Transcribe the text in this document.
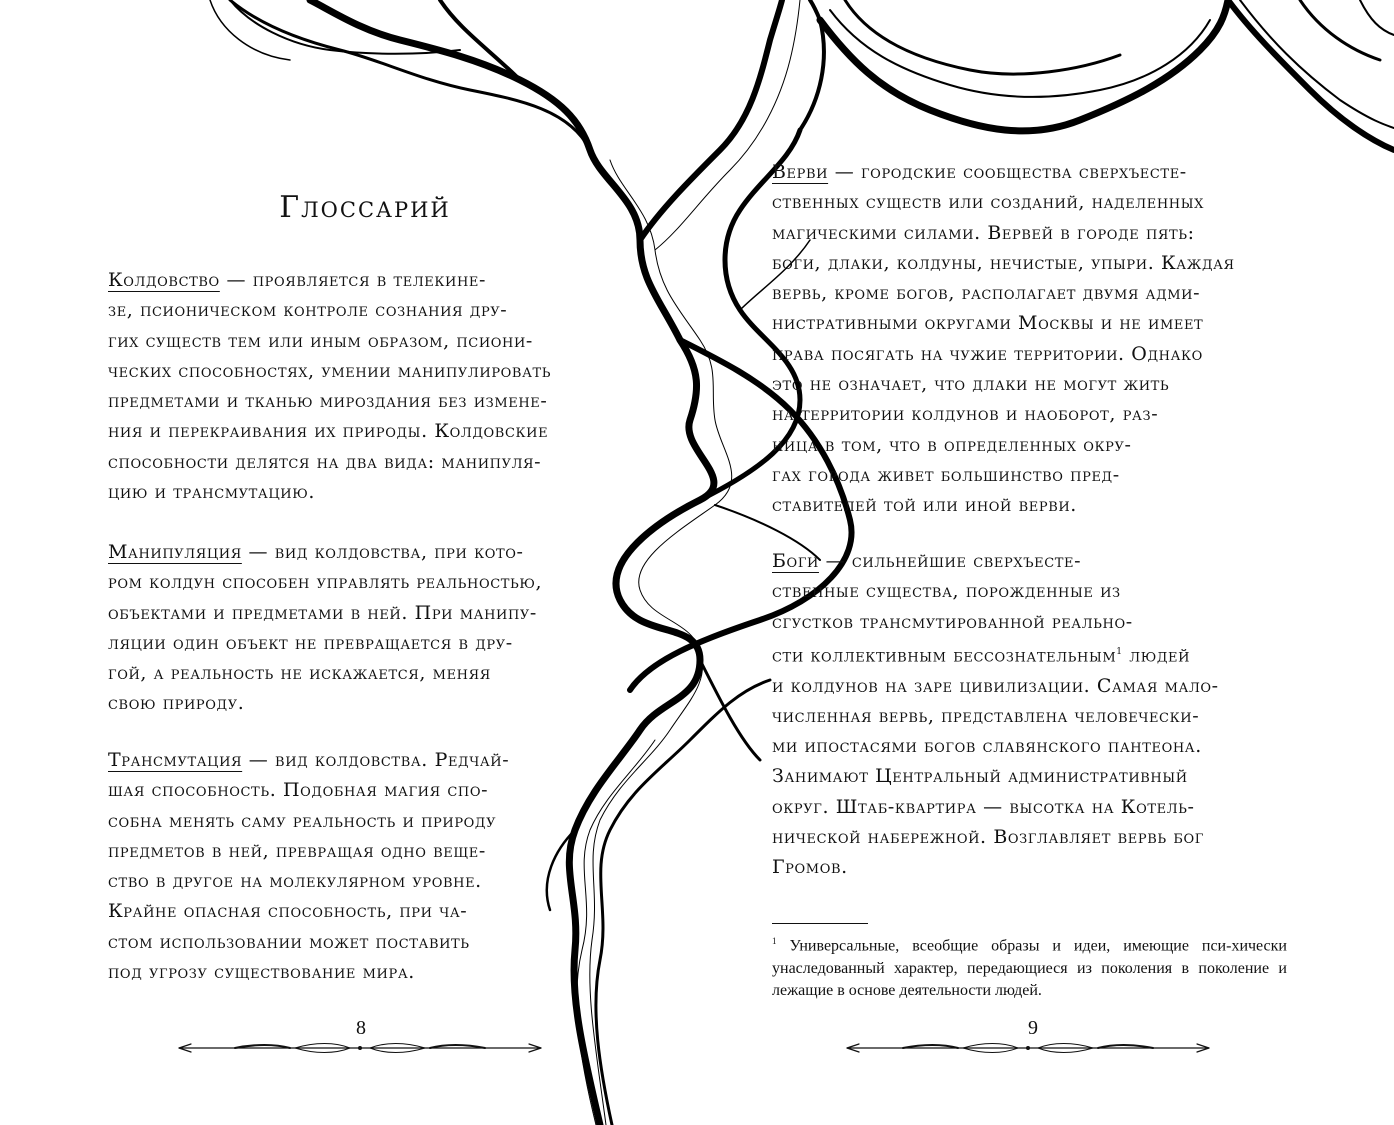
Глоссарий
Колдовство — проявляется в телекине-
зе, псионическом контроле сознания дру-
гих существ тем или иным образом, псиони-
ческих способностях, умении манипулировать
предметами и тканью мироздания без измене-
ния и перекраивания их природы. Колдовские
способности делятся на два вида: манипуля-
цию и трансмутацию.
Манипуляция — вид колдовства, при кото-
ром колдун способен управлять реальностью,
объектами и предметами в ней. При манипу-
ляции один объект не превращается в дру-
гой, а реальность не искажается, меняя
свою природу.
Трансмутация — вид колдовства. Редчай-
шая способность. Подобная магия спо-
собна менять саму реальность и природу
предметов в ней, превращая одно веще-
ство в другое на молекулярном уровне.
Крайне опасная способность, при ча-
стом использовании может поставить
под угрозу существование мира.
8
Верви — городские сообщества сверхъесте-
ственных существ или созданий, наделенных
магическими силами. Вервей в городе пять:
боги, длаки, колдуны, нечистые, упыри. Каждая
вервь, кроме богов, располагает двумя адми-
нистративными округами Москвы и не имеет
права посягать на чужие территории. Однако
это не означает, что длаки не могут жить
на территории колдунов и наоборот, раз-
ница в том, что в определенных окру-
гах города живет большинство пред-
ставителей той или иной верви.
Боги — сильнейшие сверхъесте-
ственные существа, порожденные из
сгустков трансмутированной реально-
сти коллективным бессознательным$^1$ людей
и колдунов на заре цивилизации. Самая мало-
численная вервь, представлена человечески-
ми ипостасями богов славянского пантеона.
Занимают Центральный административный
округ. Штаб-квартира — высотка на Котель-
нической набережной. Возглавляет вервь бог
Громов.

$^1$ Универсальные, всеобщие образы и идеи, имеющие пси-хически унаследованный характер, передающиеся из поколения в поколение и лежащие в основе деятельности людей.

9
